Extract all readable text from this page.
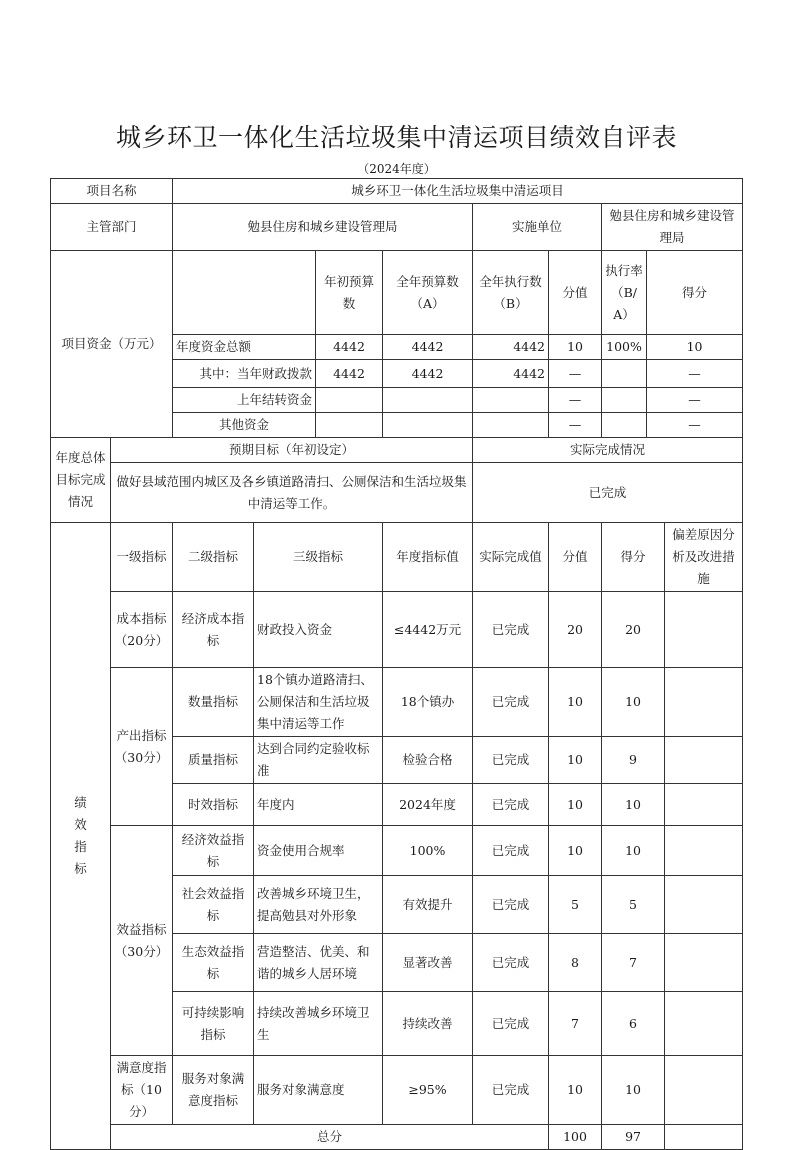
城乡环卫一体化生活垃圾集中清运项目绩效自评表
（2024年度）
项目名称		城乡环卫一体化生活垃圾集中清运项目								
主管部门		勉县住房和城乡建设管理局				实施单位		勉县住房和城乡建设管理局		
项目资金（万元）				年初预算数	全年预算数（A）	全年执行数（B）	分值	执行率（B/A）	得分	
		年度资金总额		4442	4442	4442	10	100%	10	
		其中：当年财政拨款		4442	4442	4442	—		—	
		上年结转资金					—		—	
		其他资金					—		—	
年度总体目标完成情况	预期目标（年初设定）					实际完成情况				
	做好县域范围内城区及各乡镇道路清扫、公厕保洁和生活垃圾集中清运等工作。					已完成				
绩效指标	一级指标	二级指标	三级指标		年度指标值	实际完成值	分值	得分		偏差原因分析及改进措施
	成本指标（20分）	经济成本指标	财政投入资金		≤4442万元	已完成	20	20		
	产出指标（30分）	数量指标	18个镇办道路清扫、公厕保洁和生活垃圾集中清运等工作		18个镇办	已完成	10	10		
		质量指标	达到合同约定验收标准		检验合格	已完成	10	9		
		时效指标	年度内		2024年度	已完成	10	10		
	效益指标（30分）	经济效益指标	资金使用合规率		100%	已完成	10	10		
		社会效益指标	改善城乡环境卫生，提高勉县对外形象		有效提升	已完成	5	5		
		生态效益指标	营造整洁、优美、和谐的城乡人居环境		显著改善	已完成	8	7		
		可持续影响指标	持续改善城乡环境卫生		持续改善	已完成	7	6		
	满意度指标（10分）	服务对象满意度指标	服务对象满意度		≥95%	已完成	10	10		
	总分						100	97		
